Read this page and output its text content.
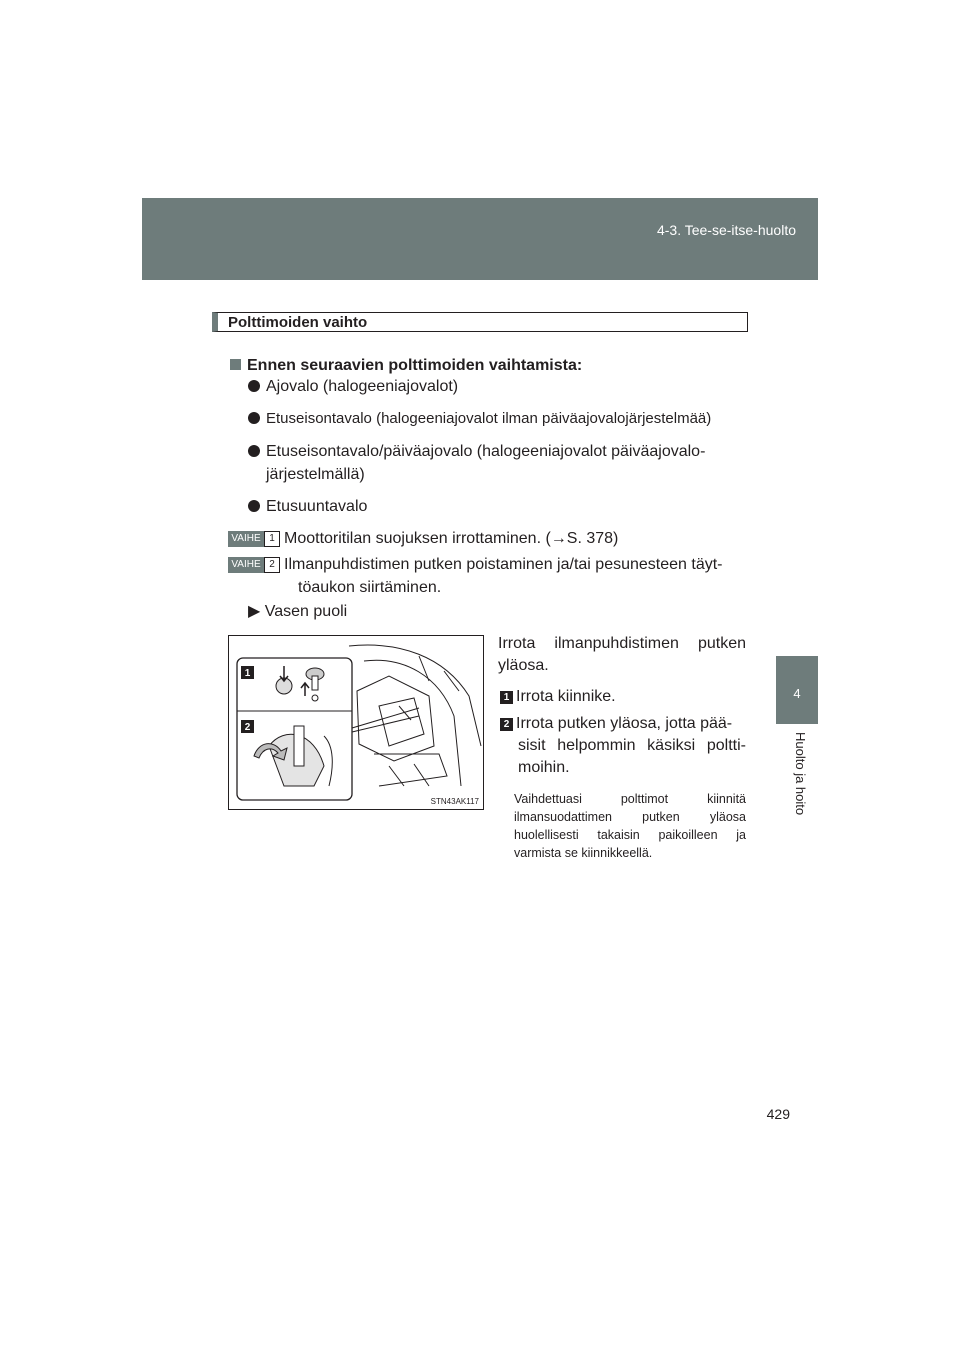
4-3. Tee-se-itse-huolto
4
Huolto ja hoito
Polttimoiden vaihto
Ennen seuraavien polttimoiden vaihtamista:
Ajovalo (halogeeniajovalot)
Etuseisontavalo (halogeeniajovalot ilman päiväajovalojärjestelmää)
Etuseisontavalo/päiväajovalo (halogeeniajovalot päiväajovalo-
järjestelmällä)
Etusuuntavalo
VAIHE 1 Moottoritilan suojuksen irrottaminen. (→S. 378)
VAIHE 2 Ilmanpuhdistimen putken poistaminen ja/tai pesunesteen täyt-
töaukon siirtäminen.
▶ Vasen puoli
1
2
STN43AK117
Irrota ilmanpuhdistimen putken
yläosa.
1 Irrota kiinnike.
2 Irrota putken yläosa, jotta pää-
sisit helpommin käsiksi poltti-
moihin.
Vaihdettuasi polttimot kiinnitä ilmansuodattimen putken yläosa huolellisesti takaisin paikoilleen ja varmista se kiinnikkeellä.
429
